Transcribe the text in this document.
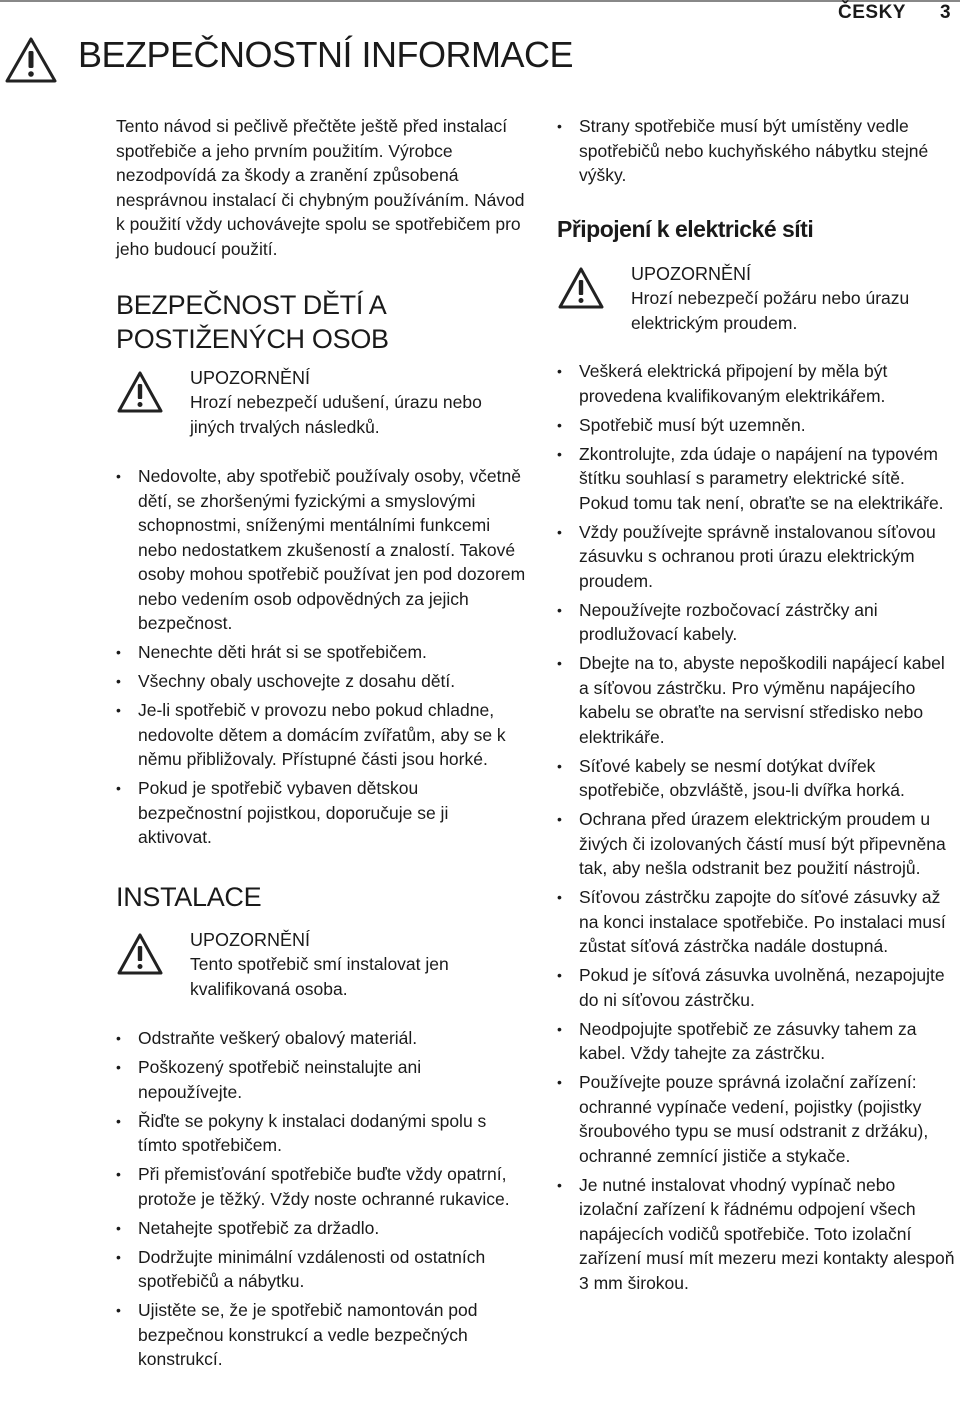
ČESKY 3
BEZPEČNOSTNÍ INFORMACE

Tento návod si pečlivě přečtěte ještě před instalací spotřebiče a jeho prvním použitím. Výrobce nezodpovídá za škody a zranění způsobená nesprávnou instalací či chybným používáním. Návod k použití vždy uchovávejte spolu se spotřebičem pro jeho budoucí použití.

BEZPEČNOST DĚTÍ A

POSTIŽENÝCH OSOB

UPOZORNĚNÍ

Hrozí nebezpečí udušení, úrazu nebo jiných trvalých následků.

• Nedovolte, aby spotřebič používaly osoby, včetně dětí, se zhoršenými fyzickými a smyslovými schopnostmi, sníženými mentálními funkcemi nebo nedostatkem zkušeností a znalostí. Takové osoby mohou spotřebič používat jen pod dozorem nebo vedením osob odpovědných za jejich bezpečnost.
• Nenechte děti hrát si se spotřebičem.
• Všechny obaly uschovejte z dosahu dětí.
• Je-li spotřebič v provozu nebo pokud chladne, nedovolte dětem a domácím zvířatům, aby se k němu přibližovaly. Přístupné části jsou horké.
• Pokud je spotřebič vybaven dětskou bezpečnostní pojistkou, doporučuje se ji aktivovat.

INSTALACE

UPOZORNĚNÍ

Tento spotřebič smí instalovat jen kvalifikovaná osoba.

• Odstraňte veškerý obalový materiál.
• Poškozený spotřebič neinstalujte ani nepoužívejte.
• Řiďte se pokyny k instalaci dodanými spolu s tímto spotřebičem.
• Při přemisťování spotřebiče buďte vždy opatrní, protože je těžký. Vždy noste ochranné rukavice.
• Netahejte spotřebič za držadlo.
• Dodržujte minimální vzdálenosti od ostatních spotřebičů a nábytku.
• Ujistěte se, že je spotřebič namontován pod bezpečnou konstrukcí a vedle bezpečných konstrukcí.
• Strany spotřebiče musí být umístěny vedle spotřebičů nebo kuchyňského nábytku stejné výšky.

Připojení k elektrické síti

UPOZORNĚNÍ

Hrozí nebezpečí požáru nebo úrazu elektrickým proudem.

• Veškerá elektrická připojení by měla být provedena kvalifikovaným elektrikářem.
• Spotřebič musí být uzemněn.
• Zkontrolujte, zda údaje o napájení na typovém štítku souhlasí s parametry elektrické sítě. Pokud tomu tak není, obraťte se na elektrikáře.
• Vždy používejte správně instalovanou síťovou zásuvku s ochranou proti úrazu elektrickým proudem.
• Nepoužívejte rozbočovací zástrčky ani prodlužovací kabely.
• Dbejte na to, abyste nepoškodili napájecí kabel a síťovou zástrčku. Pro výměnu napájecího kabelu se obraťte na servisní středisko nebo elektrikáře.
• Síťové kabely se nesmí dotýkat dvířek spotřebiče, obzvláště, jsou-li dvířka horká.
• Ochrana před úrazem elektrickým proudem u živých či izolovaných částí musí být připevněna tak, aby nešla odstranit bez použití nástrojů.
• Síťovou zástrčku zapojte do síťové zásuvky až na konci instalace spotřebiče. Po instalaci musí zůstat síťová zástrčka nadále dostupná.
• Pokud je síťová zásuvka uvolněná, nezapojujte do ni síťovou zástrčku.
• Neodpojujte spotřebič ze zásuvky tahem za kabel. Vždy tahejte za zástrčku.
• Používejte pouze správná izolační zařízení: ochranné vypínače vedení, pojistky (pojistky šroubového typu se musí odstranit z držáku), ochranné zemnící jističe a stykače.
• Je nutné instalovat vhodný vypínač nebo izolační zařízení k řádnému odpojení všech napájecích vodičů spotřebiče. Toto izolační zařízení musí mít mezeru mezi kontakty alespoň 3 mm širokou.
